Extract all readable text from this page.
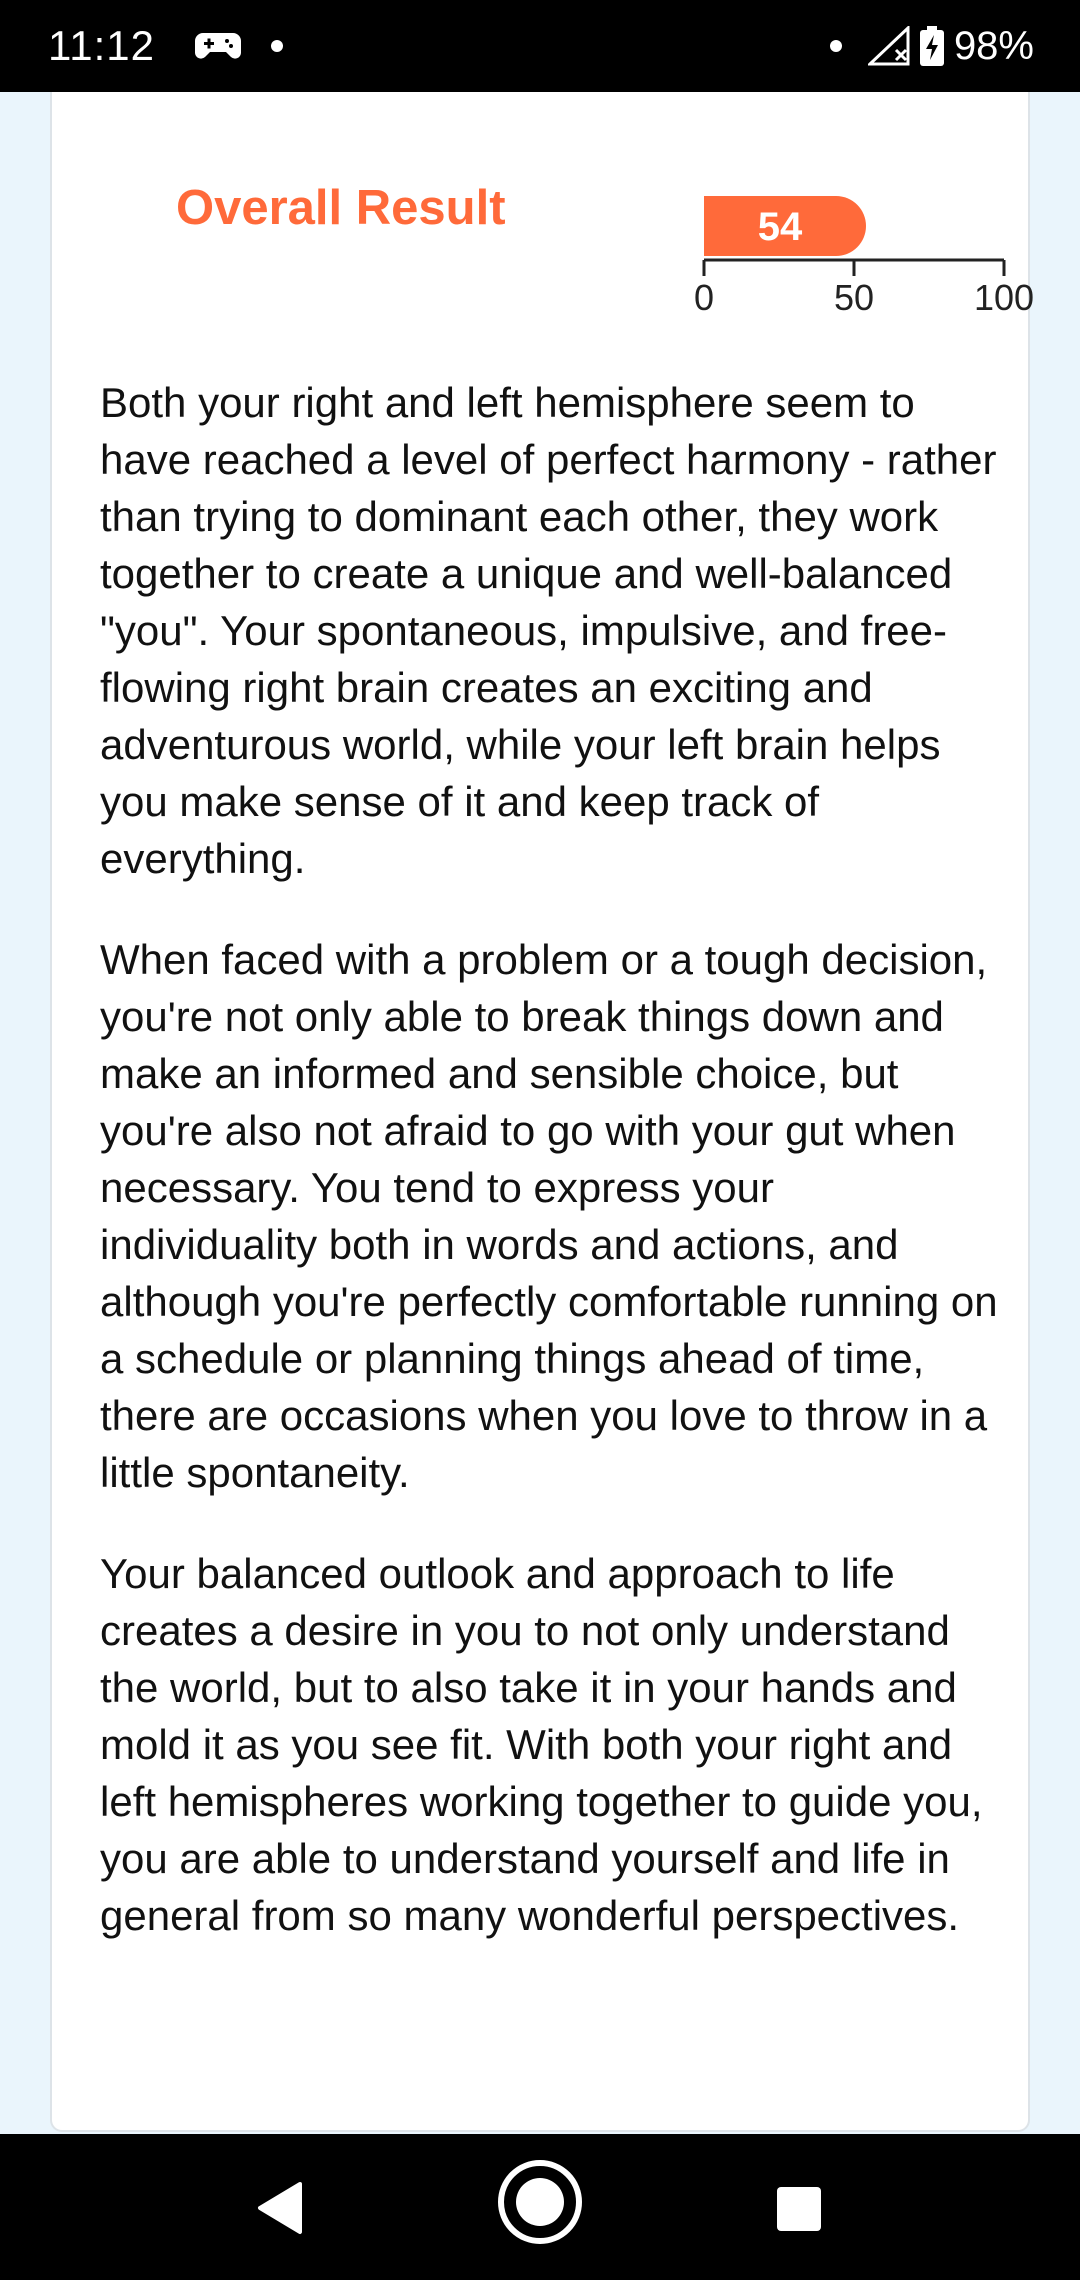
11:12	98%
Overall Result	54
0	50	100

Both your right and left hemisphere seem to have reached a level of perfect harmony - rather than trying to dominant each other, they work together to create a unique and well-balanced "you". Your spontaneous, impulsive, and free-flowing right brain creates an exciting and adventurous world, while your left brain helps you make sense of it and keep track of everything.

When faced with a problem or a tough decision, you're not only able to break things down and make an informed and sensible choice, but you're also not afraid to go with your gut when necessary. You tend to express your individuality both in words and actions, and although you're perfectly comfortable running on a schedule or planning things ahead of time, there are occasions when you love to throw in a little spontaneity.

Your balanced outlook and approach to life creates a desire in you to not only understand the world, but to also take it in your hands and mold it as you see fit. With both your right and left hemispheres working together to guide you, you are able to understand yourself and life in general from so many wonderful perspectives.
